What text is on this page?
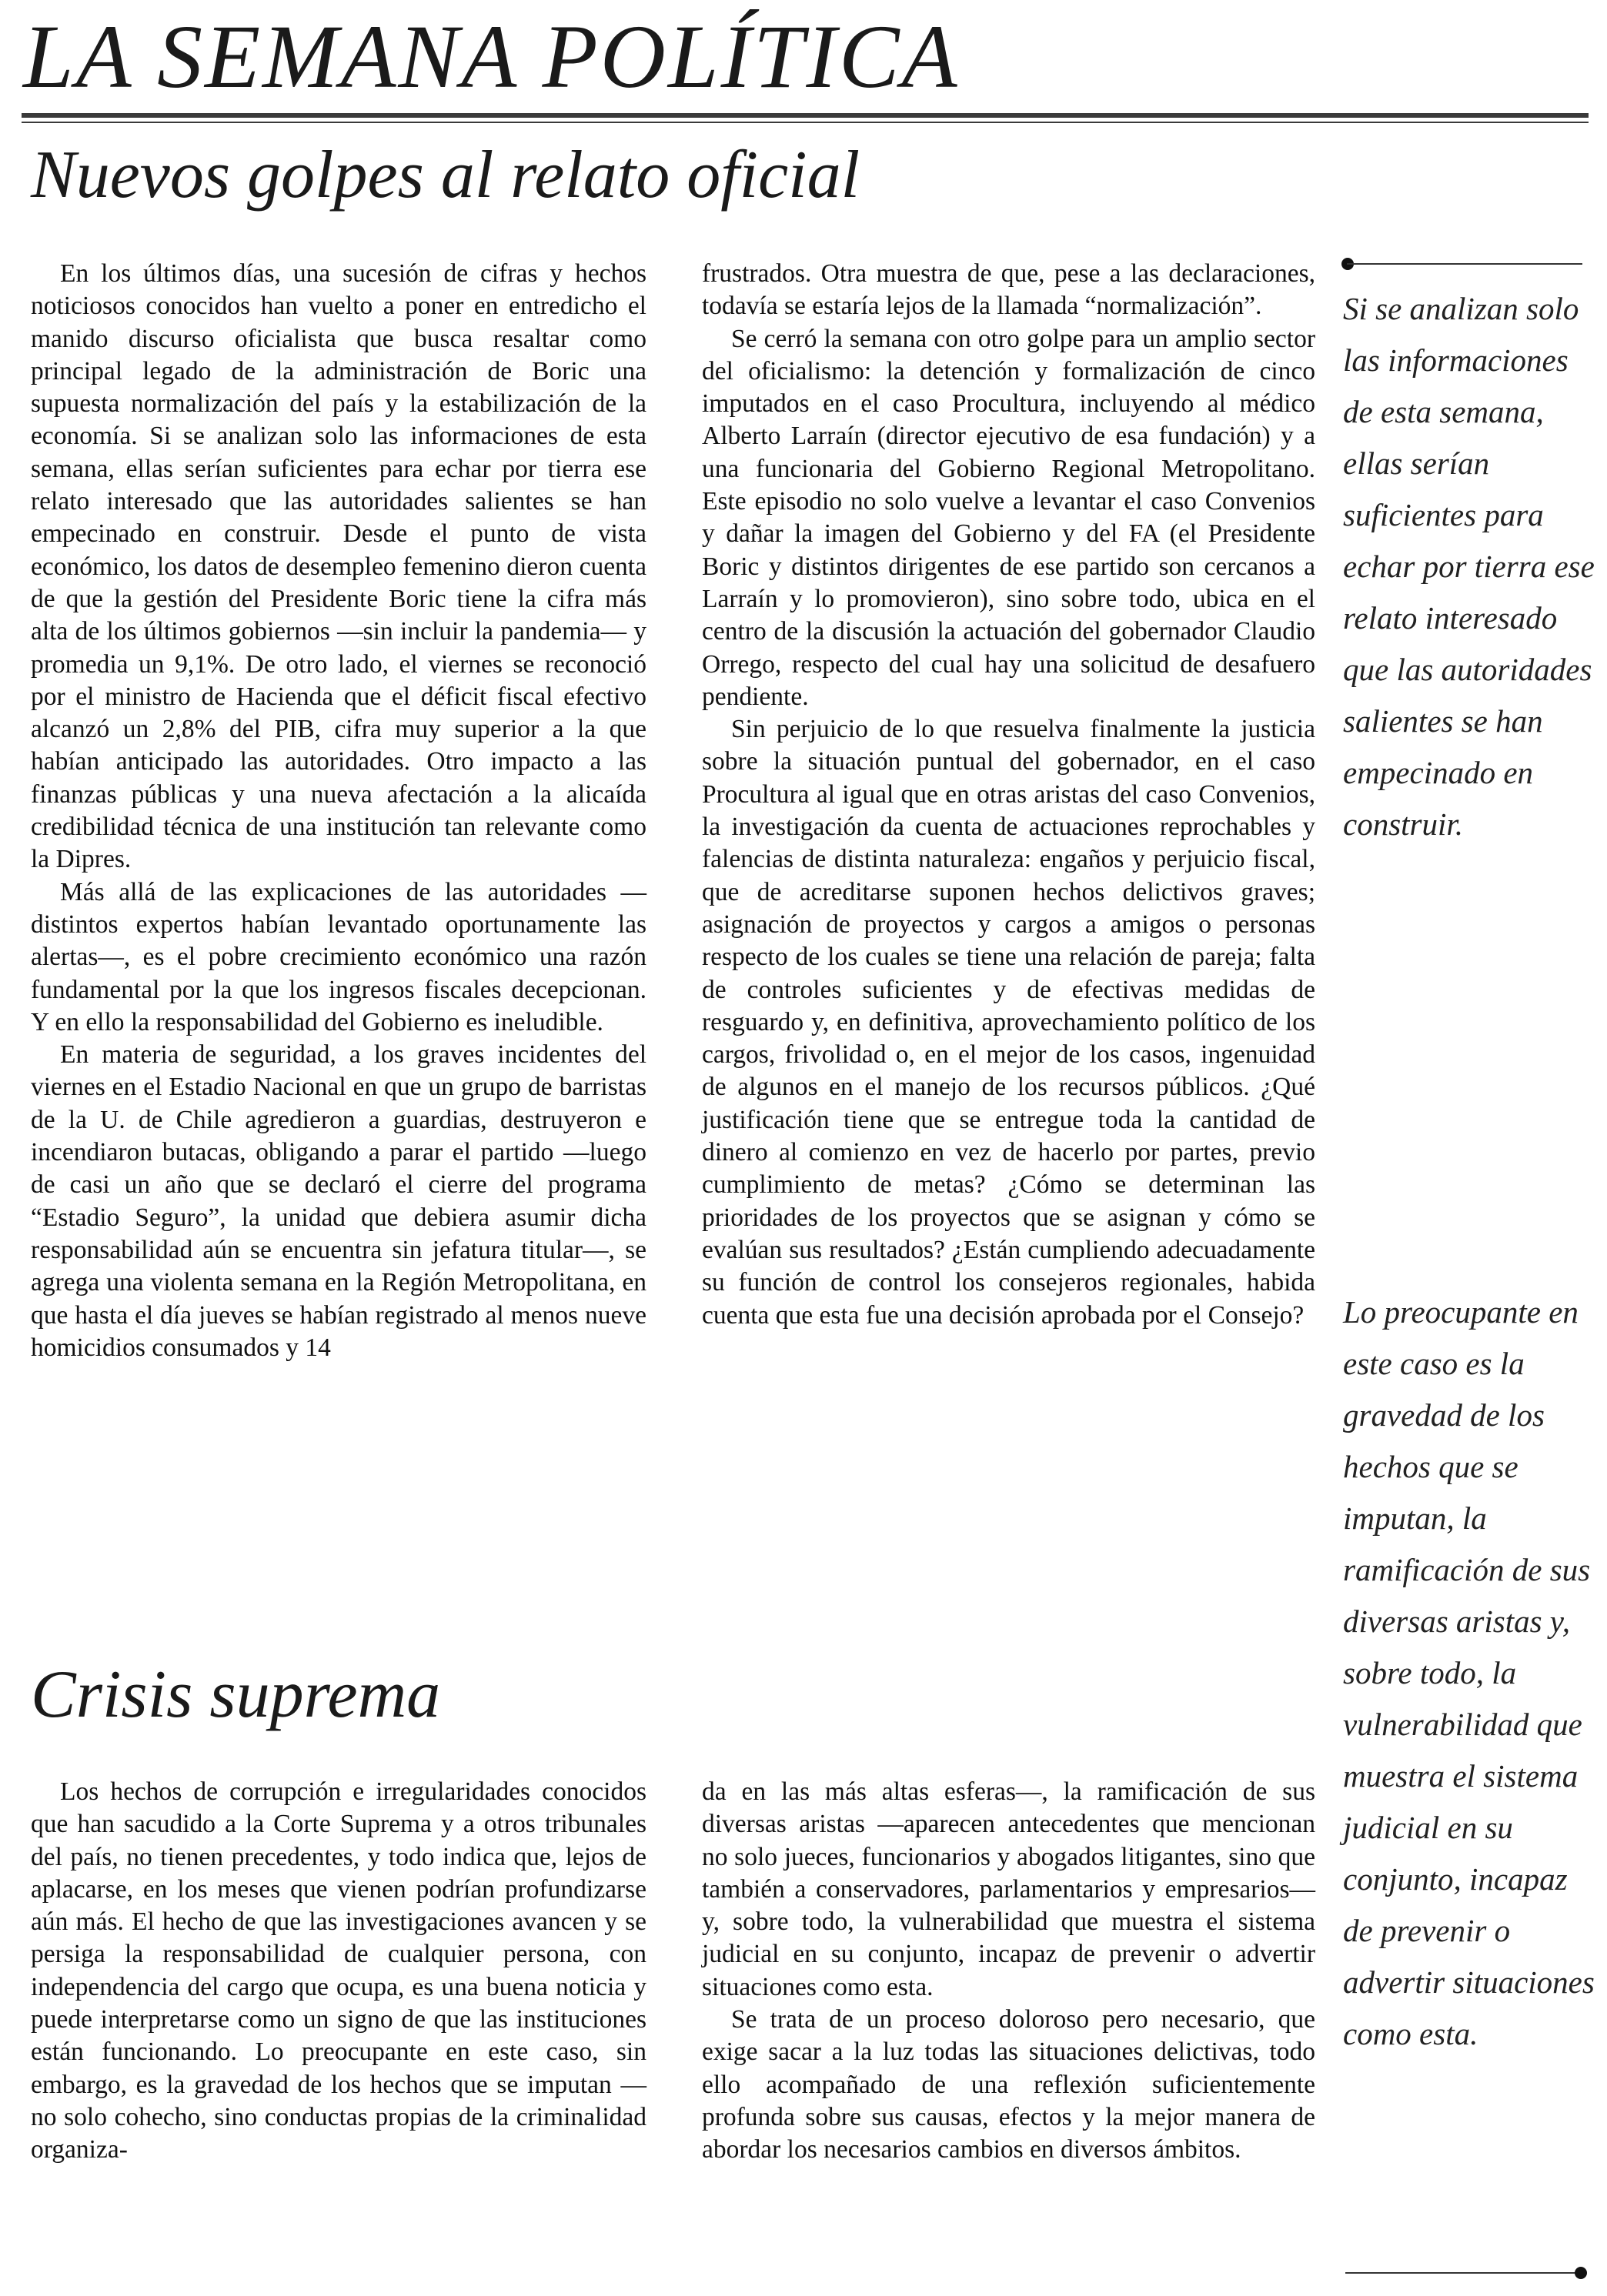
LA SEMANA POLÍTICA
Nuevos golpes al relato oficial

En los últimos días, una sucesión de cifras y hechos noticiosos conocidos han vuelto a poner en entredicho el manido discurso oficialista que busca resaltar como principal legado de la administración de Boric una supuesta normalización del país y la estabilización de la economía. Si se analizan solo las informaciones de esta semana, ellas serían suficientes para echar por tierra ese relato interesado que las autoridades salientes se han empecinado en construir. Desde el punto de vista económico, los datos de desempleo femenino dieron cuenta de que la gestión del Presidente Boric tiene la cifra más alta de los últimos gobiernos —sin incluir la pandemia— y promedia un 9,1%. De otro lado, el viernes se reconoció por el ministro de Hacienda que el déficit fiscal efectivo alcanzó un 2,8% del PIB, cifra muy superior a la que habían anticipado las autoridades. Otro impacto a las finanzas públicas y una nueva afectación a la alicaída credibilidad técnica de una institución tan relevante como la Dipres.

Más allá de las explicaciones de las autoridades —distintos expertos habían levantado oportunamente las alertas—, es el pobre crecimiento económico una razón fundamental por la que los ingresos fiscales decepcionan. Y en ello la responsabilidad del Gobierno es ineludible.

En materia de seguridad, a los graves incidentes del viernes en el Estadio Nacional en que un grupo de barristas de la U. de Chile agredieron a guardias, destruyeron e incendiaron butacas, obligando a parar el partido —luego de casi un año que se declaró el cierre del programa “Estadio Seguro”, la unidad que debiera asumir dicha responsabilidad aún se encuentra sin jefatura titular—, se agrega una violenta semana en la Región Metropolitana, en que hasta el día jueves se habían registrado al menos nueve homicidios consumados y 14

frustrados. Otra muestra de que, pese a las declaraciones, todavía se estaría lejos de la llamada “normalización”.

Se cerró la semana con otro golpe para un amplio sector del oficialismo: la detención y formalización de cinco imputados en el caso Procultura, incluyendo al médico Alberto Larraín (director ejecutivo de esa fundación) y a una funcionaria del Gobierno Regional Metropolitano. Este episodio no solo vuelve a levantar el caso Convenios y dañar la imagen del Gobierno y del FA (el Presidente Boric y distintos dirigentes de ese partido son cercanos a Larraín y lo promovieron), sino sobre todo, ubica en el centro de la discusión la actuación del gobernador Claudio Orrego, respecto del cual hay una solicitud de desafuero pendiente.

Sin perjuicio de lo que resuelva finalmente la justicia sobre la situación puntual del gobernador, en el caso Procultura al igual que en otras aristas del caso Convenios, la investigación da cuenta de actuaciones reprochables y falencias de distinta naturaleza: engaños y perjuicio fiscal, que de acreditarse suponen hechos delictivos graves; asignación de proyectos y cargos a amigos o personas respecto de los cuales se tiene una relación de pareja; falta de controles suficientes y de efectivas medidas de resguardo y, en definitiva, aprovechamiento político de los cargos, frivolidad o, en el mejor de los casos, ingenuidad de algunos en el manejo de los recursos públicos. ¿Qué justificación tiene que se entregue toda la cantidad de dinero al comienzo en vez de hacerlo por partes, previo cumplimiento de metas? ¿Cómo se determinan las prioridades de los proyectos que se asignan y cómo se evalúan sus resultados? ¿Están cumpliendo adecuadamente su función de control los consejeros regionales, habida cuenta que esta fue una decisión aprobada por el Consejo?

Crisis suprema

Los hechos de corrupción e irregularidades conocidos que han sacudido a la Corte Suprema y a otros tribunales del país, no tienen precedentes, y todo indica que, lejos de aplacarse, en los meses que vienen podrían profundizarse aún más. El hecho de que las investigaciones avancen y se persiga la responsabilidad de cualquier persona, con independencia del cargo que ocupa, es una buena noticia y puede interpretarse como un signo de que las instituciones están funcionando. Lo preocupante en este caso, sin embargo, es la gravedad de los hechos que se imputan —no solo cohecho, sino conductas propias de la criminalidad organiza-

da en las más altas esferas—, la ramificación de sus diversas aristas —aparecen antecedentes que mencionan no solo jueces, funcionarios y abogados litigantes, sino que también a conservadores, parlamentarios y empresarios— y, sobre todo, la vulnerabilidad que muestra el sistema judicial en su conjunto, incapaz de prevenir o advertir situaciones como esta.

Se trata de un proceso doloroso pero necesario, que exige sacar a la luz todas las situaciones delictivas, todo ello acompañado de una reflexión suficientemente profunda sobre sus causas, efectos y la mejor manera de abordar los necesarios cambios en diversos ámbitos.

Si se analizan solo las informaciones de esta semana, ellas serían suficientes para echar por tierra ese relato interesado que las autoridades salientes se han empecinado en construir.

Lo preocupante en este caso es la gravedad de los hechos que se imputan, la ramificación de sus diversas aristas y, sobre todo, la vulnerabilidad que muestra el sistema judicial en su conjunto, incapaz de prevenir o advertir situaciones como esta.
